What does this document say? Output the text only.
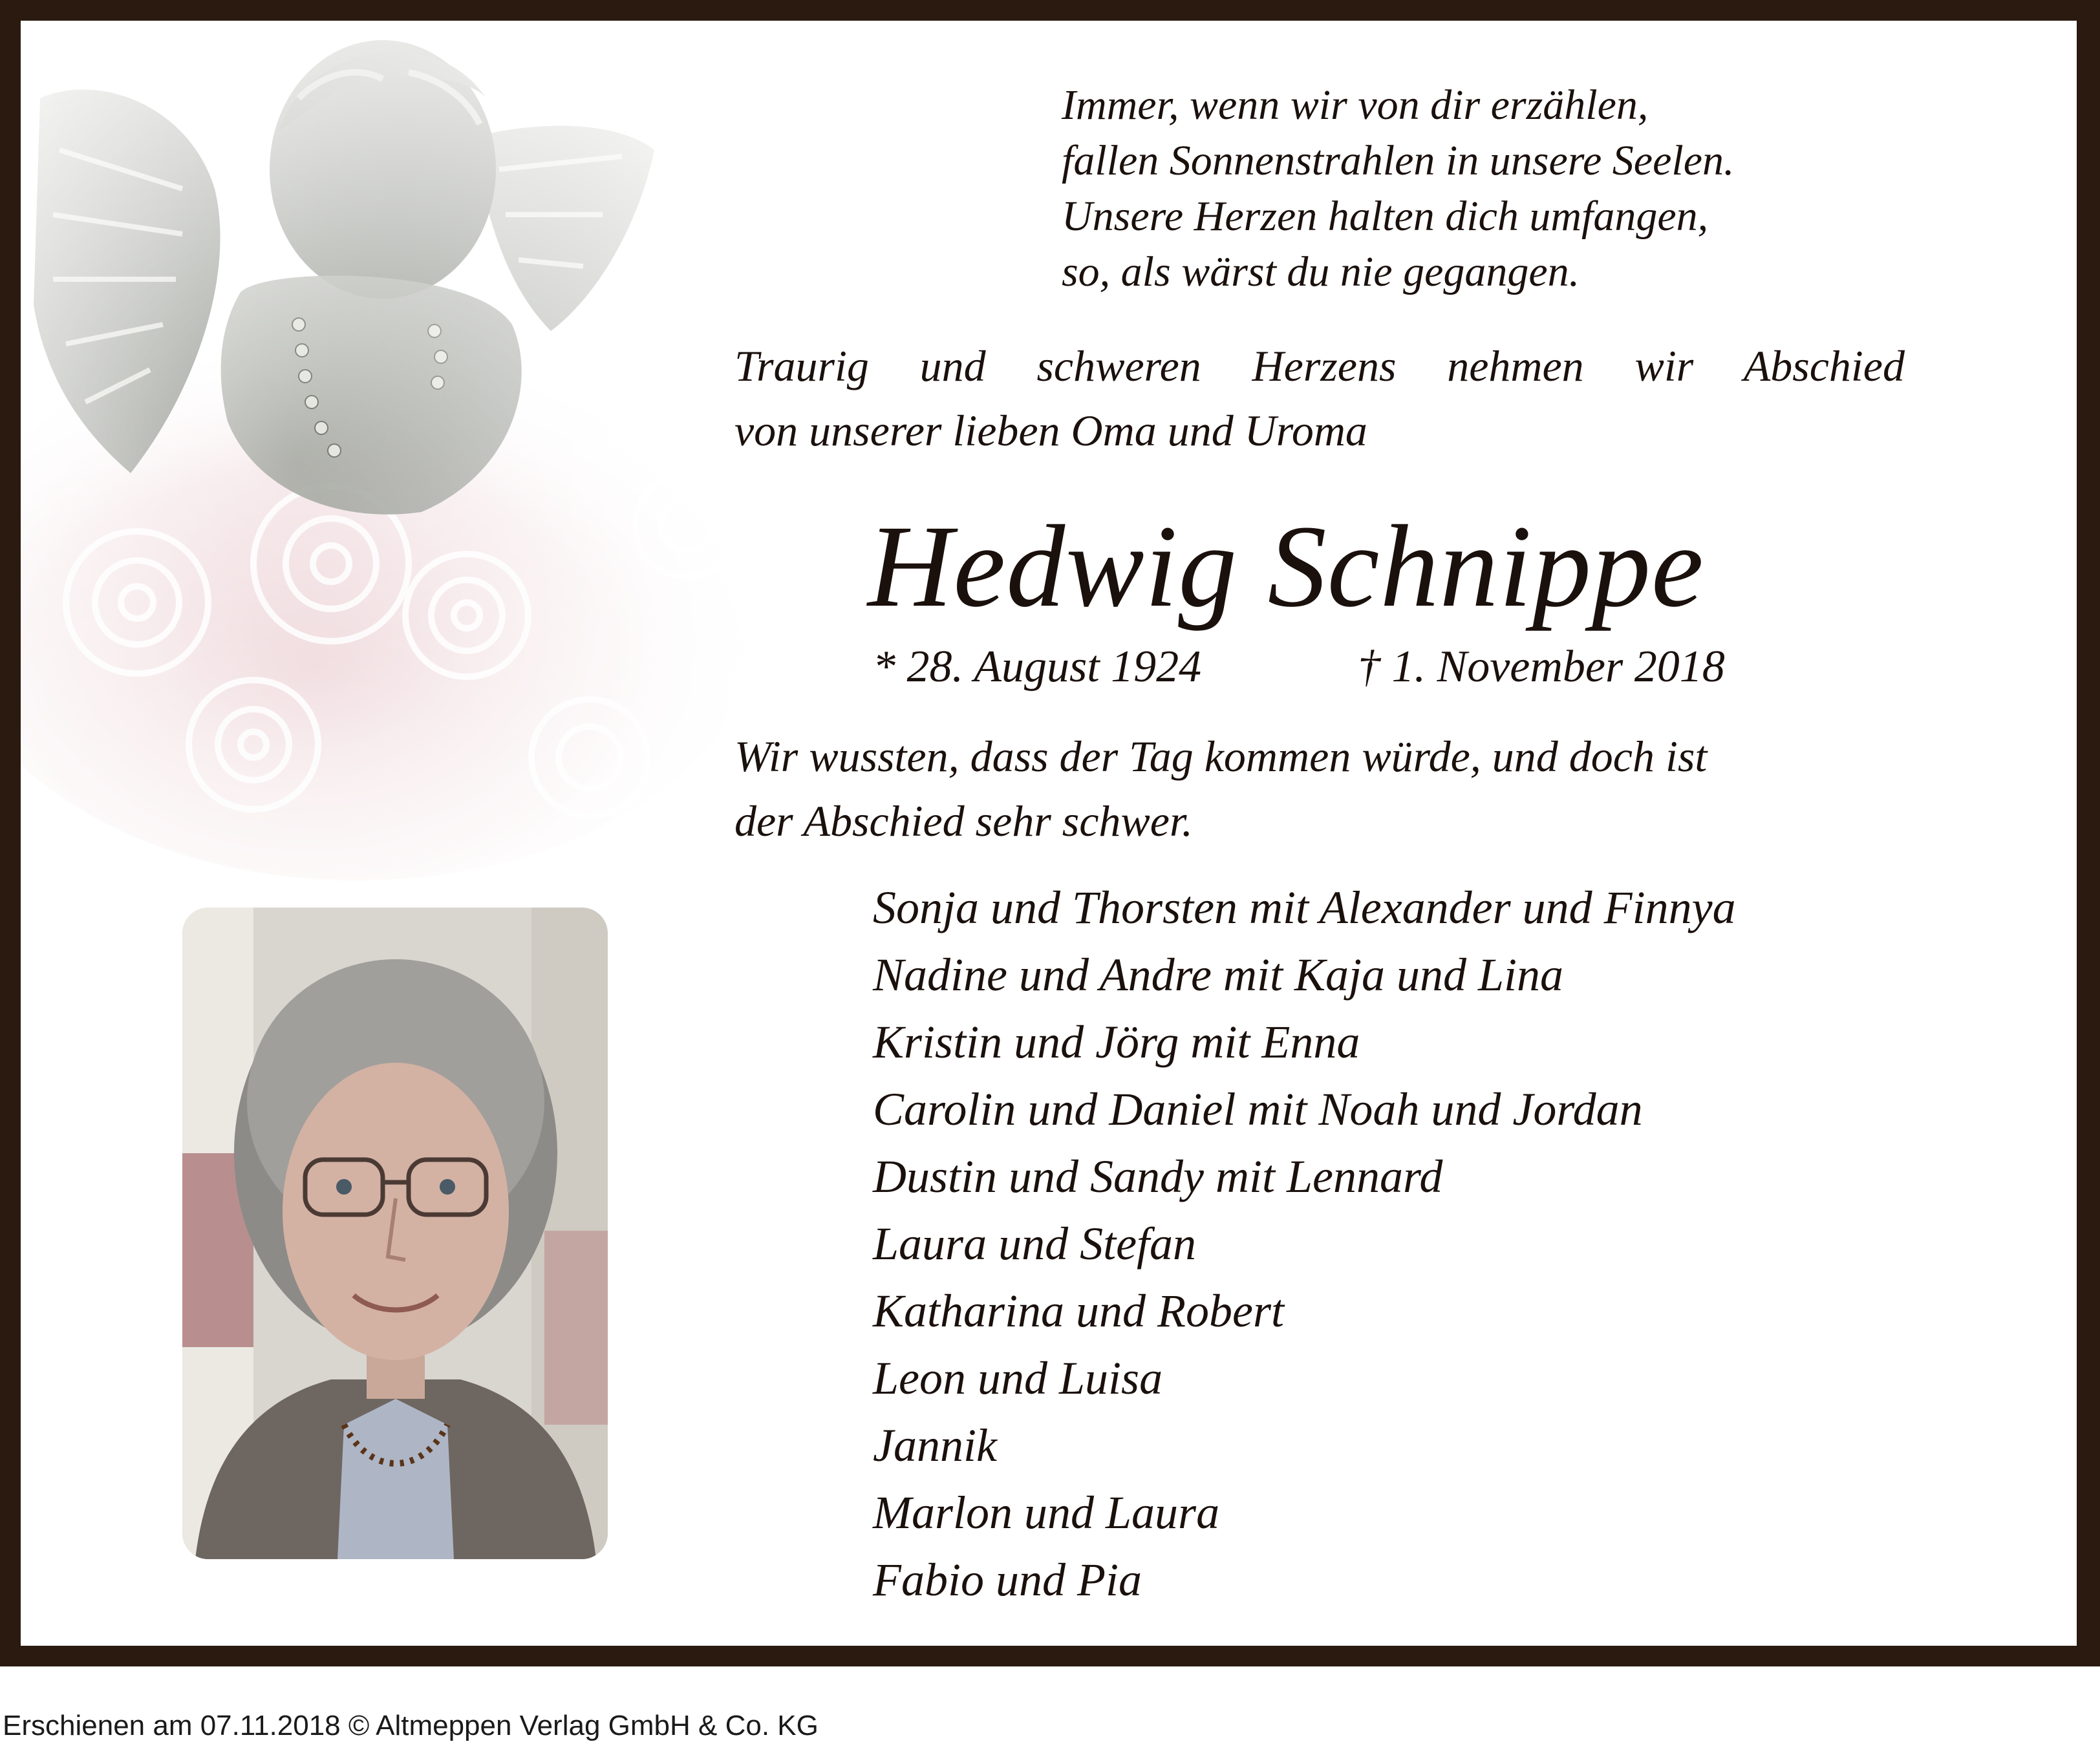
Immer, wenn wir von dir erzählen,
fallen Sonnenstrahlen in unsere Seelen.
Unsere Herzen halten dich umfangen,
so, als wärst du nie gegangen.
Traurig und schweren Herzens nehmen wir Abschied
von unserer lieben Oma und Uroma
Hedwig Schnippe
* 28. August 1924	† 1. November 2018
Wir wussten, dass der Tag kommen würde, und doch ist
der Abschied sehr schwer.
Sonja und Thorsten mit Alexander und Finnya
Nadine und Andre mit Kaja und Lina
Kristin und Jörg mit Enna
Carolin und Daniel mit Noah und Jordan
Dustin und Sandy mit Lennard
Laura und Stefan
Katharina und Robert
Leon und Luisa
Jannik
Marlon und Laura
Fabio und Pia
Erschienen am 07.11.2018 © Altmeppen Verlag GmbH & Co. KG
